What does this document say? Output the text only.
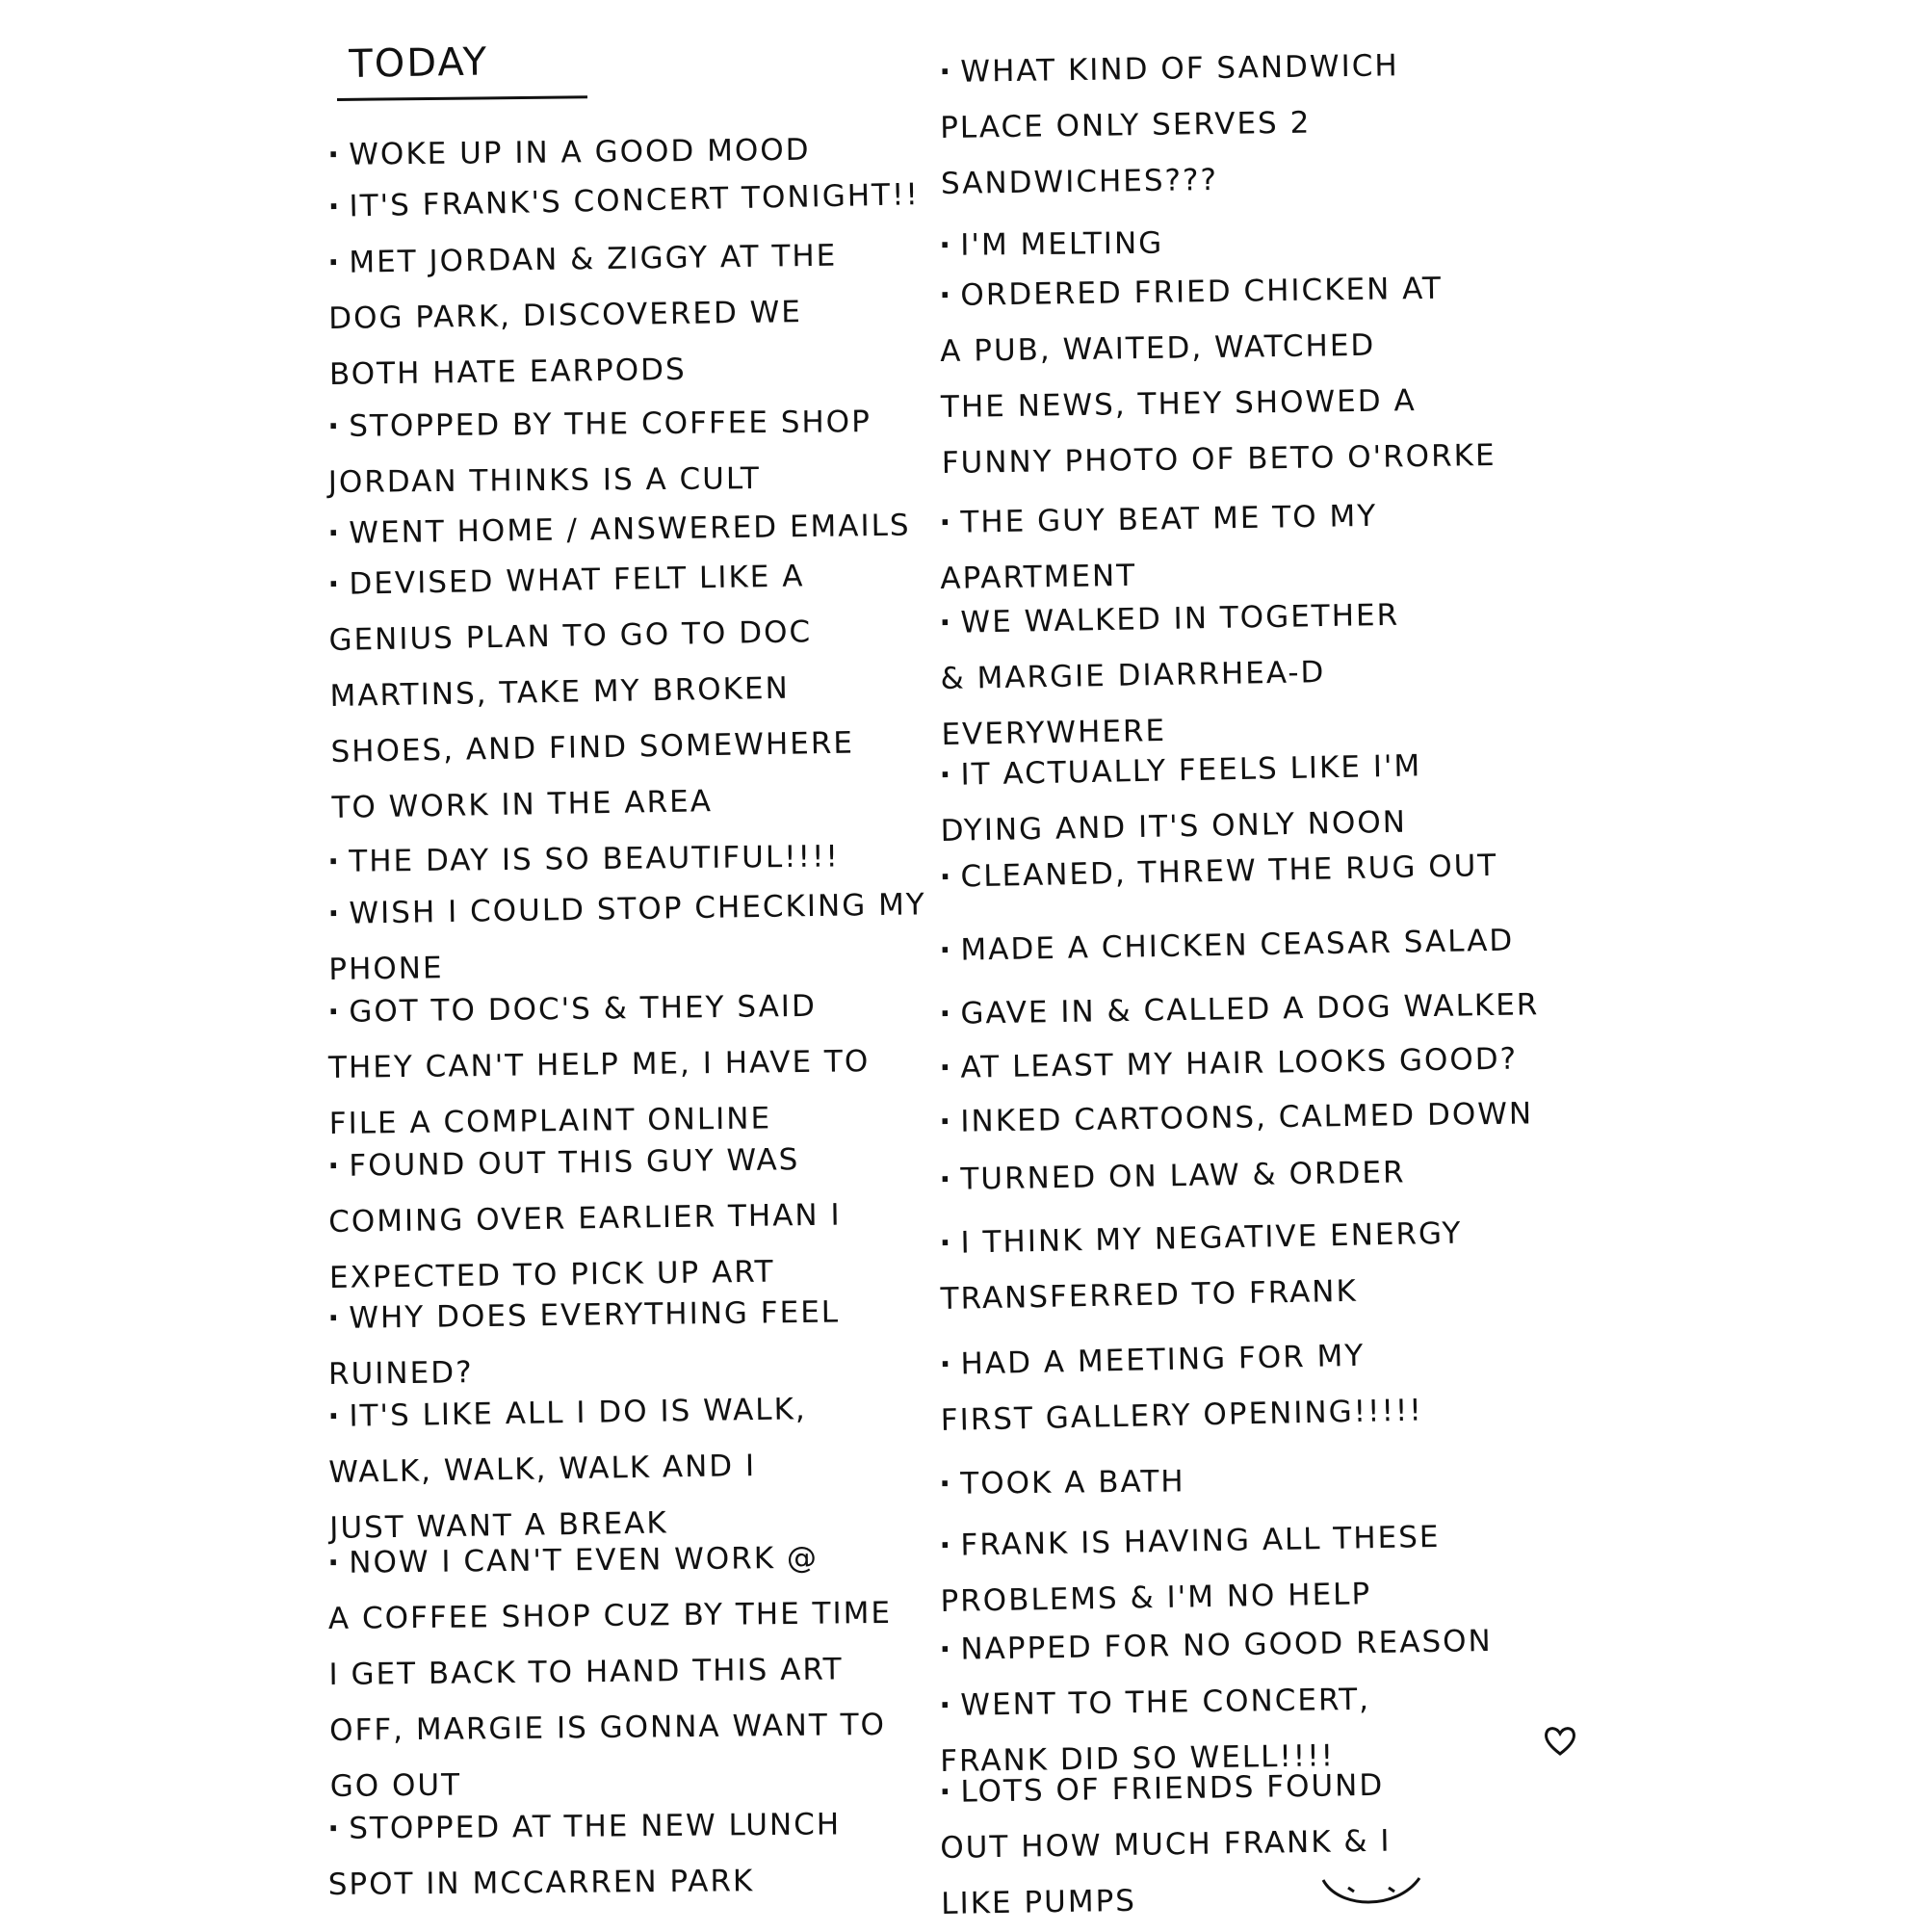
TODAY
· WOKE UP IN A GOOD MOOD
· IT'S FRANK'S CONCERT TONIGHT!!
· MET JORDAN & ZIGGY AT THE
DOG PARK, DISCOVERED WE
BOTH HATE EARPODS
· STOPPED BY THE COFFEE SHOP
JORDAN THINKS IS A CULT
· WENT HOME / ANSWERED EMAILS
· DEVISED WHAT FELT LIKE A
GENIUS PLAN TO GO TO DOC
MARTINS, TAKE MY BROKEN
SHOES, AND FIND SOMEWHERE
TO WORK IN THE AREA
· THE DAY IS SO BEAUTIFUL!!!!
· WISH I COULD STOP CHECKING MY
PHONE
· GOT TO DOC'S & THEY SAID
THEY CAN'T HELP ME, I HAVE TO
FILE A COMPLAINT ONLINE
· FOUND OUT THIS GUY WAS
COMING OVER EARLIER THAN I
EXPECTED TO PICK UP ART
· WHY DOES EVERYTHING FEEL
RUINED?
· IT'S LIKE ALL I DO IS WALK,
WALK, WALK, WALK AND I
JUST WANT A BREAK
· NOW I CAN'T EVEN WORK @
A COFFEE SHOP CUZ BY THE TIME
I GET BACK TO HAND THIS ART
OFF, MARGIE IS GONNA WANT TO
GO OUT
· STOPPED AT THE NEW LUNCH
SPOT IN MCCARREN PARK
· WHAT KIND OF SANDWICH
PLACE ONLY SERVES 2
SANDWICHES???
· I'M MELTING
· ORDERED FRIED CHICKEN AT
A PUB, WAITED, WATCHED
THE NEWS, THEY SHOWED A
FUNNY PHOTO OF BETO O'RORKE
· THE GUY BEAT ME TO MY
APARTMENT
· WE WALKED IN TOGETHER
& MARGIE DIARRHEA-D
EVERYWHERE
· IT ACTUALLY FEELS LIKE I'M
DYING AND IT'S ONLY NOON
· CLEANED, THREW THE RUG OUT
· MADE A CHICKEN CEASAR SALAD
· GAVE IN & CALLED A DOG WALKER
· AT LEAST MY HAIR LOOKS GOOD?
· INKED CARTOONS, CALMED DOWN
· TURNED ON LAW & ORDER
· I THINK MY NEGATIVE ENERGY
TRANSFERRED TO FRANK
· HAD A MEETING FOR MY
FIRST GALLERY OPENING!!!!!
· TOOK A BATH
· FRANK IS HAVING ALL THESE
PROBLEMS & I'M NO HELP
· NAPPED FOR NO GOOD REASON
· WENT TO THE CONCERT,
FRANK DID SO WELL!!!!
· LOTS OF FRIENDS FOUND
OUT HOW MUCH FRANK & I
LIKE PUMPS
